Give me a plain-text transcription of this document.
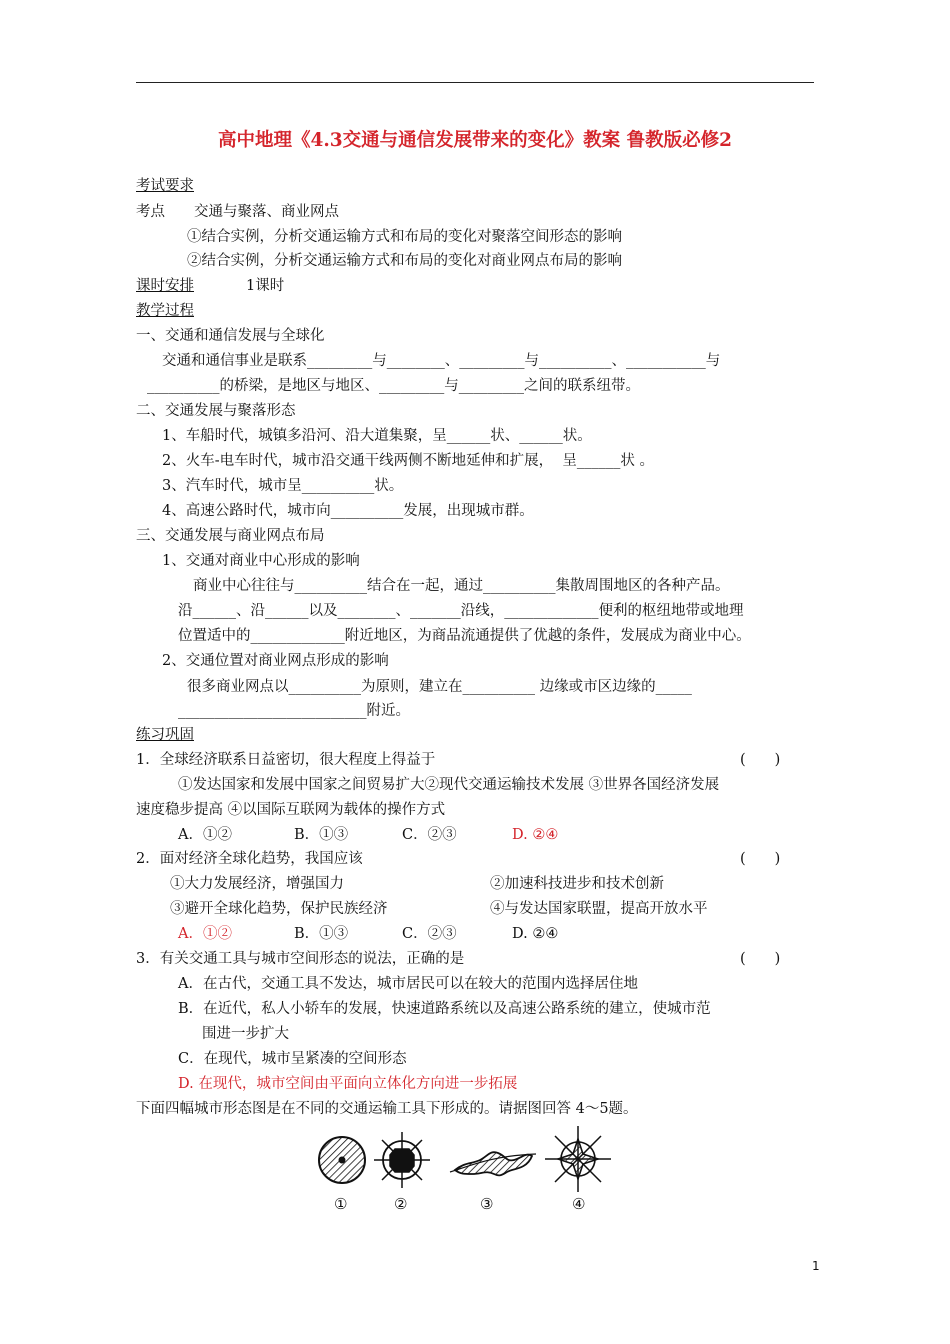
高中地理《4.3交通与通信发展带来的变化》教案 鲁教版必修2
考试要求
考点 交通与聚落、商业网点
①结合实例，分析交通运输方式和布局的变化对聚落空间形态的影响
②结合实例，分析交通运输方式和布局的变化对商业网点布局的影响
课时安排	1课时
教学过程
一、交通和通信发展与全球化
交通和通信事业是联系_________与________、_________与__________、___________与
__________的桥梁，是地区与地区、_________与_________之间的联系纽带。
二、交通发展与聚落形态
1、车船时代，城镇多沿河、沿大道集聚，呈______状、______状。
2、火车-电车时代，城市沿交通干线两侧不断地延伸和扩展，  呈______状 。
3、汽车时代，城市呈__________状。
4、高速公路时代，城市向__________发展，出现城市群。
三、交通发展与商业网点布局
1、交通对商业中心形成的影响
商业中心往往与__________结合在一起，通过__________集散周围地区的各种产品。
沿______、沿______以及________、_______沿线，_____________便利的枢纽地带或地理
位置适中的_____________附近地区，为商品流通提供了优越的条件，发展成为商业中心。
2、交通位置对商业网点形成的影响
很多商业网点以__________为原则，建立在__________ 边缘或市区边缘的_____
__________________________附近。
练习巩固
1．全球经济联系日益密切，很大程度上得益于	(　　)
①发达国家和发展中国家之间贸易扩大②现代交通运输技术发展 ③世界各国经济发展
速度稳步提高 ④以国际互联网为载体的操作方式
A．①②	B．①③	C．②③	D. ②④
2．面对经济全球化趋势，我国应该	(　　)
①大力发展经济，增强国力	②加速科技进步和技术创新
③避开全球化趋势，保护民族经济	④与发达国家联盟，提高开放水平
A．①②	B．①③	C．②③	D. ②④
3．有关交通工具与城市空间形态的说法，正确的是	(　　)
A．在古代，交通工具不发达，城市居民可以在较大的范围内选择居住地
B．在近代，私人小轿车的发展，快速道路系统以及高速公路系统的建立，使城市范
围进一步扩大
C．在现代，城市呈紧凑的空间形态
D. 在现代，城市空间由平面向立体化方向进一步拓展
下面四幅城市形态图是在不同的交通运输工具下形成的。请据图回答 4～5题。
①	②	③	④
1
